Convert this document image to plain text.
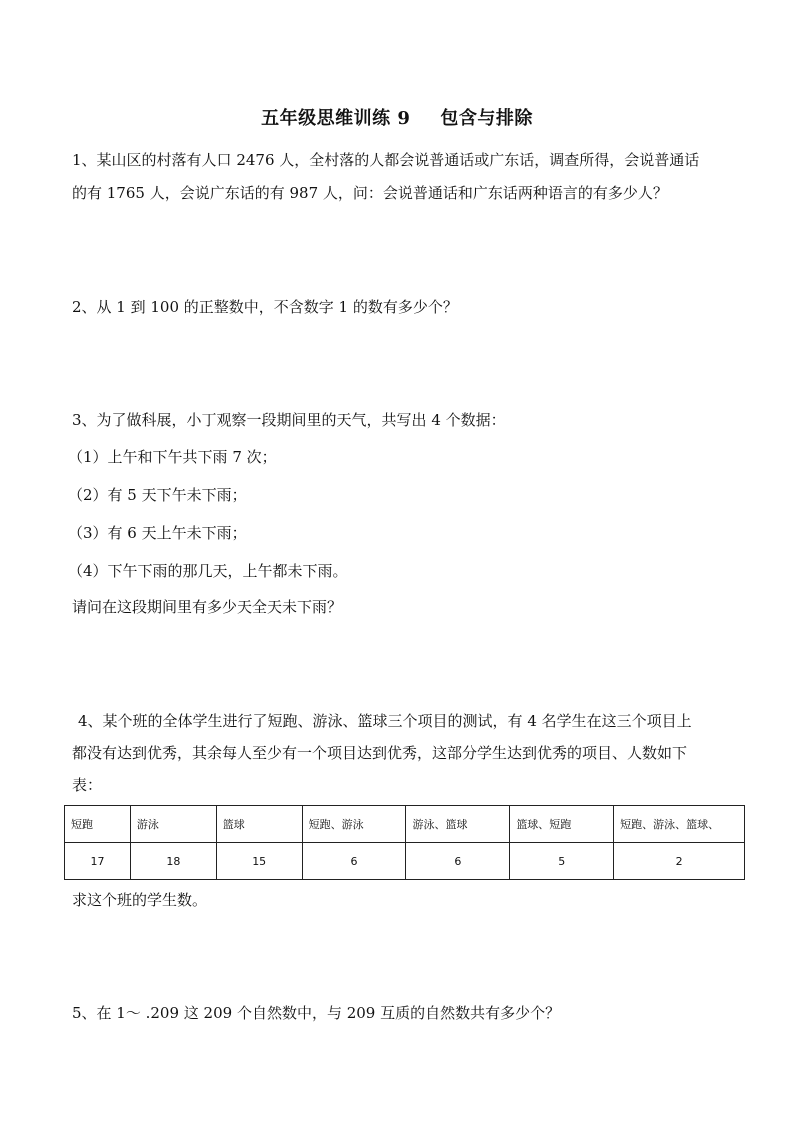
五年级思维训练 9 包含与排除
1、某山区的村落有人口 2476 人，全村落的人都会说普通话或广东话，调查所得，会说普通话
的有 1765 人，会说广东话的有 987 人，问：会说普通话和广东话两种语言的有多少人？
2、从 1 到 100 的正整数中，不含数字 1 的数有多少个？
3、为了做科展，小丁观察一段期间里的天气，共写出 4 个数据：
（1）上午和下午共下雨 7 次；
（2）有 5 天下午未下雨；
（3）有 6 天上午未下雨；
（4）下午下雨的那几天，上午都未下雨。
请问在这段期间里有多少天全天未下雨？
4、某个班的全体学生进行了短跑、游泳、篮球三个项目的测试，有 4 名学生在这三个项目上
都没有达到优秀，其余每人至少有一个项目达到优秀，这部分学生达到优秀的项目、人数如下
表：
短跑	游泳	篮球	短跑、游泳	游泳、篮球	篮球、短跑	短跑、游泳、篮球、
17	18	15	6	6	5	2
求这个班的学生数。
5、在 1～ .209 这 209 个自然数中，与 209 互质的自然数共有多少个？
